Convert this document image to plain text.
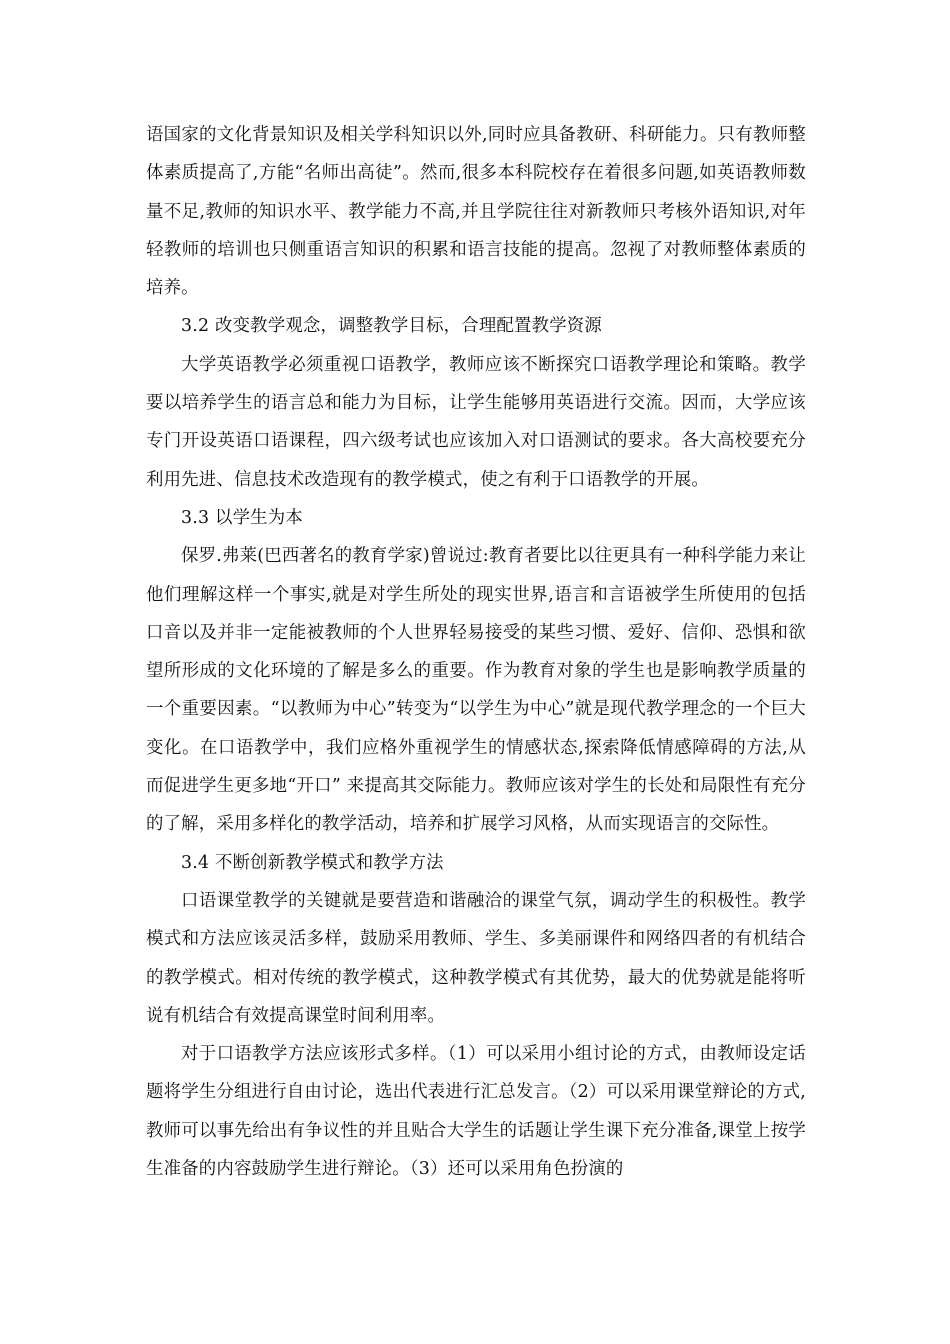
语国家的文化背景知识及相关学科知识以外,同时应具备教研、科研能力。只有教师整体素质提高了,方能“名师出高徒”。然而,很多本科院校存在着很多问题,如英语教师数量不足,教师的知识水平、教学能力不高,并且学院往往对新教师只考核外语知识,对年轻教师的培训也只侧重语言知识的积累和语言技能的提高。忽视了对教师整体素质的培养。

3.2 改变教学观念，调整教学目标，合理配置教学资源

大学英语教学必须重视口语教学，教师应该不断探究口语教学理论和策略。教学要以培养学生的语言总和能力为目标，让学生能够用英语进行交流。因而，大学应该专门开设英语口语课程，四六级考试也应该加入对口语测试的要求。各大高校要充分利用先进、信息技术改造现有的教学模式，使之有利于口语教学的开展。

3.3 以学生为本

保罗.弗莱(巴西著名的教育学家)曾说过:教育者要比以往更具有一种科学能力来让他们理解这样一个事实,就是对学生所处的现实世界,语言和言语被学生所使用的包括口音以及并非一定能被教师的个人世界轻易接受的某些习惯、爱好、信仰、恐惧和欲望所形成的文化环境的了解是多么的重要。作为教育对象的学生也是影响教学质量的一个重要因素。“以教师为中心”转变为“以学生为中心”就是现代教学理念的一个巨大变化。在口语教学中，我们应格外重视学生的情感状态,探索降低情感障碍的方法,从而促进学生更多地“开口” 来提高其交际能力。教师应该对学生的长处和局限性有充分的了解，采用多样化的教学活动，培养和扩展学习风格，从而实现语言的交际性。

3.4 不断创新教学模式和教学方法

口语课堂教学的关键就是要营造和谐融洽的课堂气氛，调动学生的积极性。教学模式和方法应该灵活多样，鼓励采用教师、学生、多美丽课件和网络四者的有机结合的教学模式。相对传统的教学模式，这种教学模式有其优势，最大的优势就是能将听说有机结合有效提高课堂时间利用率。

对于口语教学方法应该形式多样。（1）可以采用小组讨论的方式，由教师设定话题将学生分组进行自由讨论，选出代表进行汇总发言。（2）可以采用课堂辩论的方式,教师可以事先给出有争议性的并且贴合大学生的话题让学生课下充分准备,课堂上按学生准备的内容鼓励学生进行辩论。（3）还可以采用角色扮演的
